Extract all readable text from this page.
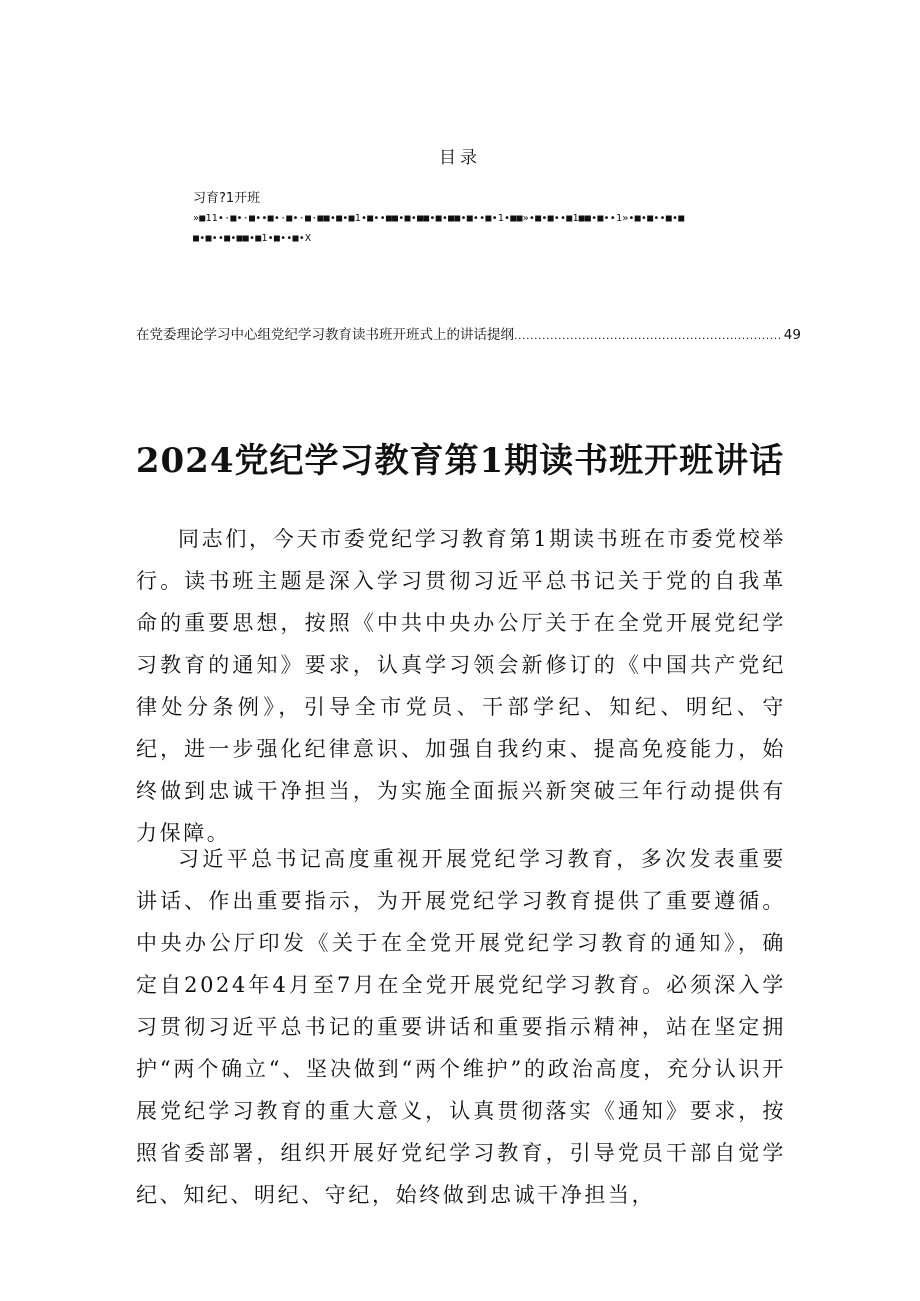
目录
习育?1开班
»■11•·■•·■••■•·■•·■·■■•■•■1•■••■■•■•■■•■•■■•■••■•1•■■»•■•■••■1■■•■••1»•■•■••■•■
■•■••■•■■•■1•■••■•X
在党委理论学习中心组党纪学习教育读书班开班式上的讲话提纲 ................................................................... 49
2024党纪学习教育第1期读书班开班讲话

同志们，今天市委党纪学习教育第1期读书班在市委党校举行。读书班主题是深入学习贯彻习近平总书记关于党的自我革命的重要思想，按照《中共中央办公厅关于在全党开展党纪学习教育的通知》要求，认真学习领会新修订的《中国共产党纪律处分条例》，引导全市党员、干部学纪、知纪、明纪、守纪，进一步强化纪律意识、加强自我约束、提高免疫能力，始终做到忠诚干净担当，为实施全面振兴新突破三年行动提供有力保障。

习近平总书记高度重视开展党纪学习教育，多次发表重要讲话、作出重要指示，为开展党纪学习教育提供了重要遵循。中央办公厅印发《关于在全党开展党纪学习教育的通知》，确定自2024年4月至7月在全党开展党纪学习教育。必须深入学习贯彻习近平总书记的重要讲话和重要指示精神，站在坚定拥护“两个确立“、坚决做到“两个维护”的政治高度，充分认识开展党纪学习教育的重大意义，认真贯彻落实《通知》要求，按照省委部署，组织开展好党纪学习教育，引导党员干部自觉学纪、知纪、明纪、守纪，始终做到忠诚干净担当，
